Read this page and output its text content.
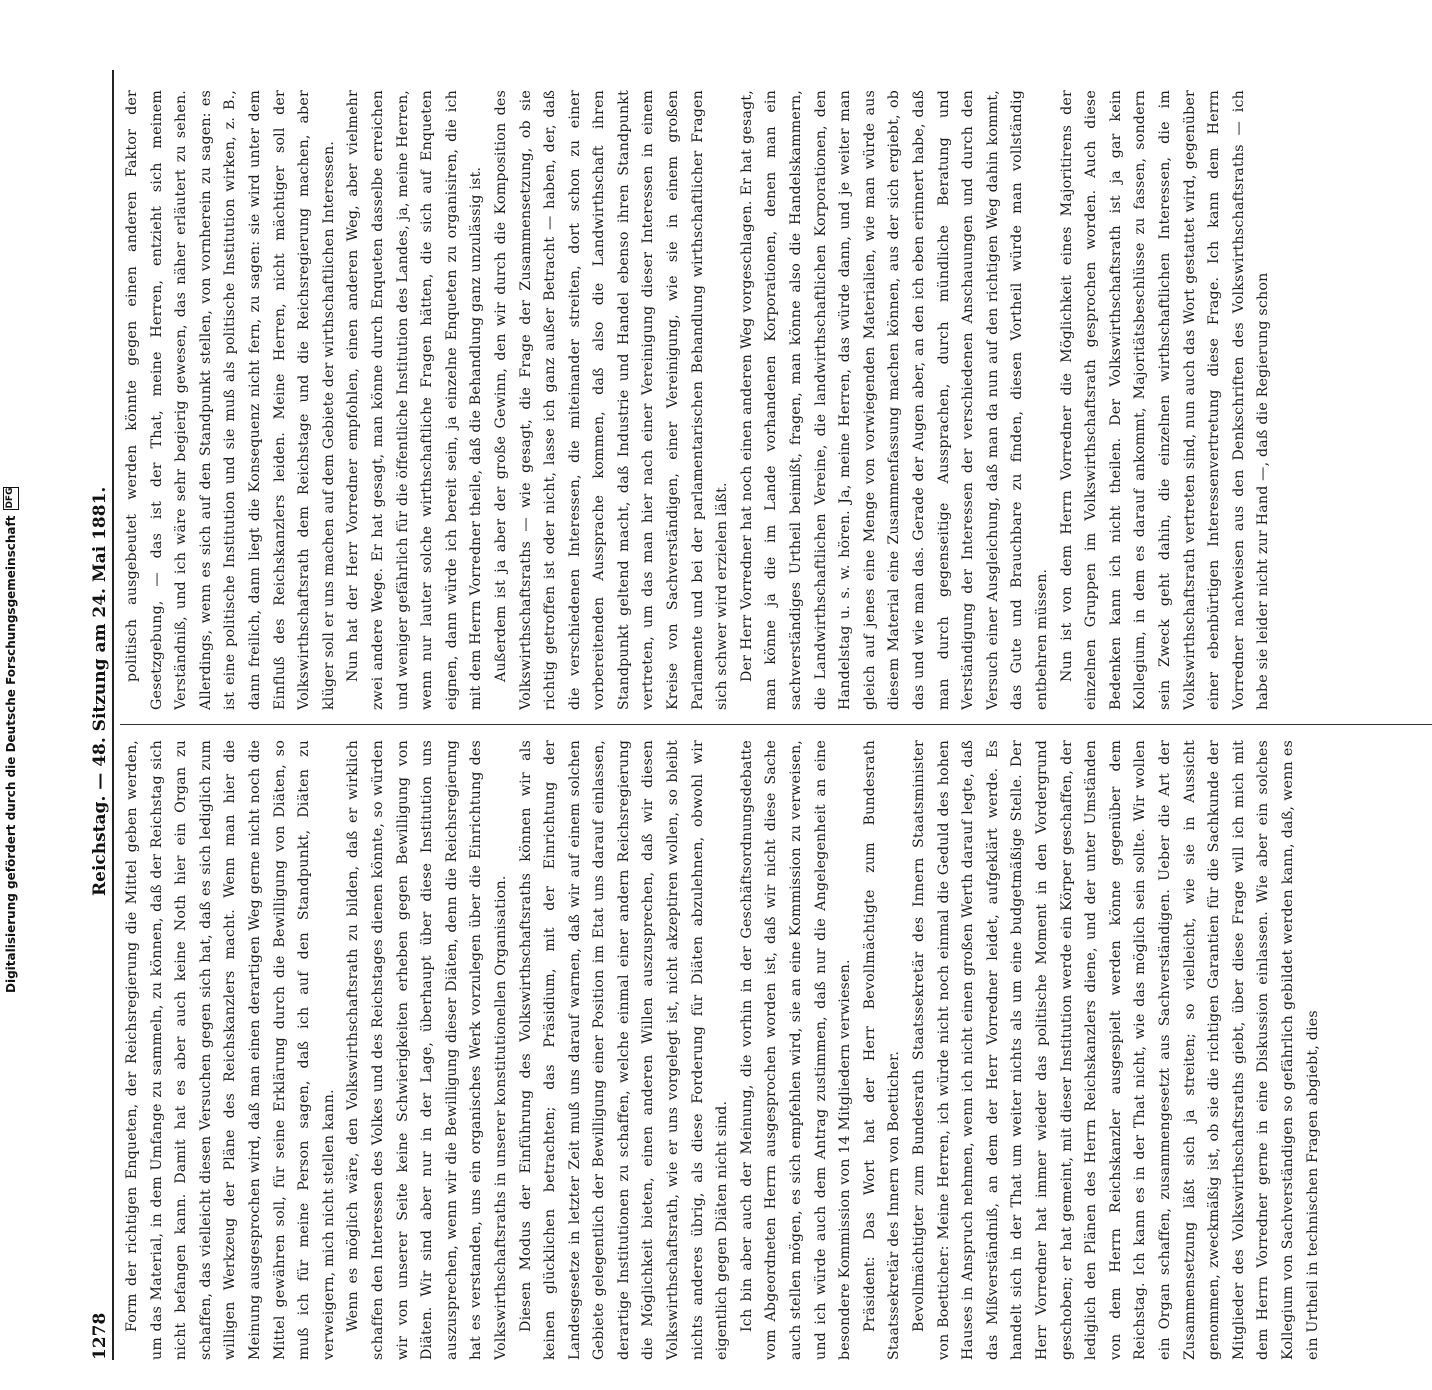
1278
Reichstag. — 48. Sitzung am 24. Mai 1881.

Form der richtigen Enqueten, der Reichsregierung die Mittel geben werden, um das Material, in dem Umfange zu sammeln, zu können, daß der Reichstag sich nicht befangen kann. Damit hat es aber auch keine Noth hier ein Organ zu schaffen, das vielleicht diesen Versuchen gegen sich hat, daß es sich lediglich zum willigen Werkzeug der Pläne des Reichskanzlers macht. Wenn man hier die Meinung ausgesprochen wird, daß man einen derartigen Weg gerne nicht noch die Mittel gewähren soll, für seine Erklärung durch die Bewilligung von Diäten, so muß ich für meine Person sagen, daß ich auf den Standpunkt, Diäten zu verweigern, mich nicht stellen kann. Wenn es möglich wäre, den Volkswirthschaftsrath zu bilden, daß er wirklich schaffen den Interessen des Volkes und des Reichstages dienen könnte, so würden wir von unserer Seite keine Schwierigkeiten erheben gegen Bewilligung von Diäten. Wir sind aber nur in der Lage, überhaupt über diese Institution uns auszusprechen, wenn wir die Bewilligung dieser Diäten, denn die Reichsregierung hat es verstanden, uns ein organisches Werk vorzulegen über die Einrichtung des Volkswirthschaftsraths in unserer konstitutionellen Organisation. Diesen Modus der Einführung des Volkswirthschaftsraths können wir als keinen glücklichen betrachten; das Präsidium, mit der Einrichtung der Landesgesetze in letzter Zeit muß uns darauf warnen, daß wir auf einem solchen Gebiete gelegentlich der Bewilligung einer Position im Etat uns darauf einlassen, derartige Institutionen zu schaffen, welche einmal einer andern Reichsregierung die Möglichkeit bieten, einen anderen Willen auszusprechen, daß wir diesen Volkswirthschaftsrath, wie er uns vorgelegt ist, nicht akzeptiren wollen, so bleibt nichts anderes übrig, als diese Forderung für Diäten abzulehnen, obwohl wir eigentlich gegen Diäten nicht sind. Ich bin aber auch der Meinung, die vorhin in der Geschäftsordnungsdebatte vom Abgeordneten Herrn ausgesprochen worden ist, daß wir nicht diese Sache auch stellen mögen, es sich empfehlen wird, sie an eine Kommission zu verweisen, und ich würde auch dem Antrag zustimmen, daß nur die Angelegenheit an eine besondere Kommission von 14 Mitgliedern verwiesen. Präsident: Das Wort hat der Herr Bevollmächtigte zum Bundesrath Staatssekretär des Innern von Boetticher. Bevollmächtigter zum Bundesrath Staatssekretär des Innern Staatsminister von Boetticher: Meine Herren, ich würde nicht noch einmal die Geduld des hohen Hauses in Anspruch nehmen, wenn ich nicht einen großen Werth darauf legte, daß das Mißverständniß, an dem der Herr Vorredner leidet, aufgeklärt werde. Es handelt sich in der That um weiter nichts als um eine budgetmäßige Stelle. Der Herr Vorredner hat immer wieder das politische Moment in den Vordergrund geschoben; er hat gemeint, mit dieser Institution werde ein Körper geschaffen, der lediglich den Plänen des Herrn Reichskanzlers diene, und der unter Umständen von dem Herrn Reichskanzler ausgespielt werden könne gegenüber dem Reichstag. Ich kann es in der That nicht, wie das möglich sein sollte. Wir wollen ein Organ schaffen, zusammengesetzt aus Sachverständigen. Ueber die Art der Zusammensetzung läßt sich ja streiten; so vielleicht, wie sie in Aussicht genommen, zweckmäßig ist, ob sie die richtigen Garantien für die Sachkunde der Mitglieder des Volkswirthschaftsraths giebt, über diese Frage will ich mich mit dem Herrn Vorredner gerne in eine Diskussion einlassen. Wie aber ein solches Kollegium von Sachverständigen so gefährlich gebildet werden kann, daß, wenn es ein Urtheil in technischen Fragen abgiebt, dies

politisch ausgebeutet werden könnte gegen einen anderen Faktor der Gesetzgebung, — das ist der That, meine Herren, entzieht sich meinem Verständniß, und ich wäre sehr begierig gewesen, das näher erläutert zu sehen. Allerdings, wenn es sich auf den Standpunkt stellen, von vornherein zu sagen: es ist eine politische Institution und sie muß als politische Institution wirken, z. B., dann freilich, dann liegt die Konsequenz nicht fern, zu sagen: sie wird unter dem Einfluß des Reichskanzlers leiden. Meine Herren, nicht mächtiger soll der Volkswirthschaftsrath dem Reichstage und die Reichsregierung machen, aber klüger soll er uns machen auf dem Gebiete der wirthschaftlichen Interessen. Nun hat der Herr Vorredner empfohlen, einen anderen Weg, aber vielmehr zwei andere Wege. Er hat gesagt, man könne durch Enqueten dasselbe erreichen und weniger gefährlich für die öffentliche Institution des Landes, ja, meine Herren, wenn nur lauter solche wirthschaftliche Fragen hätten, die sich auf Enqueten eignen, dann würde ich bereit sein, ja einzelne Enqueten zu organisiren, die ich mit dem Herrn Vorredner theile, daß die Behandlung ganz unzulässig ist. Außerdem ist ja aber der große Gewinn, den wir durch die Komposition des Volkswirthschaftsraths — wie gesagt, die Frage der Zusammensetzung, ob sie richtig getroffen ist oder nicht, lasse ich ganz außer Betracht — haben, der, daß die verschiedenen Interessen, die miteinander streiten, dort schon zu einer vorbereitenden Aussprache kommen, daß also die Landwirthschaft ihren Standpunkt geltend macht, daß Industrie und Handel ebenso ihren Standpunkt vertreten, um das man hier nach einer Vereinigung dieser Interessen in einem Kreise von Sachverständigen, einer Vereinigung, wie sie in einem großen Parlamente und bei der parlamentarischen Behandlung wirthschaftlicher Fragen sich schwer wird erzielen läßt. Der Herr Vorredner hat noch einen anderen Weg vorgeschlagen. Er hat gesagt, man könne ja die im Lande vorhandenen Korporationen, denen man ein sachverständiges Urtheil beimißt, fragen, man könne also die Handelskammern, die Landwirthschaftlichen Vereine, die landwirthschaftlichen Korporationen, den Handelstag u. s. w. hören. Ja, meine Herren, das würde dann, und je weiter man gleich auf jenes eine Menge von vorwiegenden Materialien, wie man würde aus diesem Material eine Zusammenfassung machen können, aus der sich ergiebt, ob das und wie man das. Gerade der Augen aber, an den ich eben erinnert habe, daß man durch gegenseitige Aussprachen, durch mündliche Beratung und Verständigung der Interessen der verschiedenen Anschauungen und durch den Versuch einer Ausgleichung, daß man da nun auf den richtigen Weg dahin kommt, das Gute und Brauchbare zu finden, diesen Vortheil würde man vollständig entbehren müssen. Nun ist von dem Herrn Vorredner die Möglichkeit eines Majoritirens der einzelnen Gruppen im Volkswirthschaftsrath gesprochen worden. Auch diese Bedenken kann ich nicht theilen. Der Volkswirthschaftsrath ist ja gar kein Kollegium, in dem es darauf ankommt, Majoritätsbeschlüsse zu fassen, sondern sein Zweck geht dahin, die einzelnen wirthschaftlichen Interessen, die im Volkswirthschaftsrath vertreten sind, nun auch das Wort gestattet wird, gegenüber einer ebenbürtigen Interessenvertretung diese Frage. Ich kann dem Herrn Vorredner nachweisen aus den Denkschriften des Volkswirthschaftsraths — ich habe sie leider nicht zur Hand —, daß die Regierung schon

Digitalisierung gefördert durch die Deutsche Forschungsgemeinschaft
DFG
